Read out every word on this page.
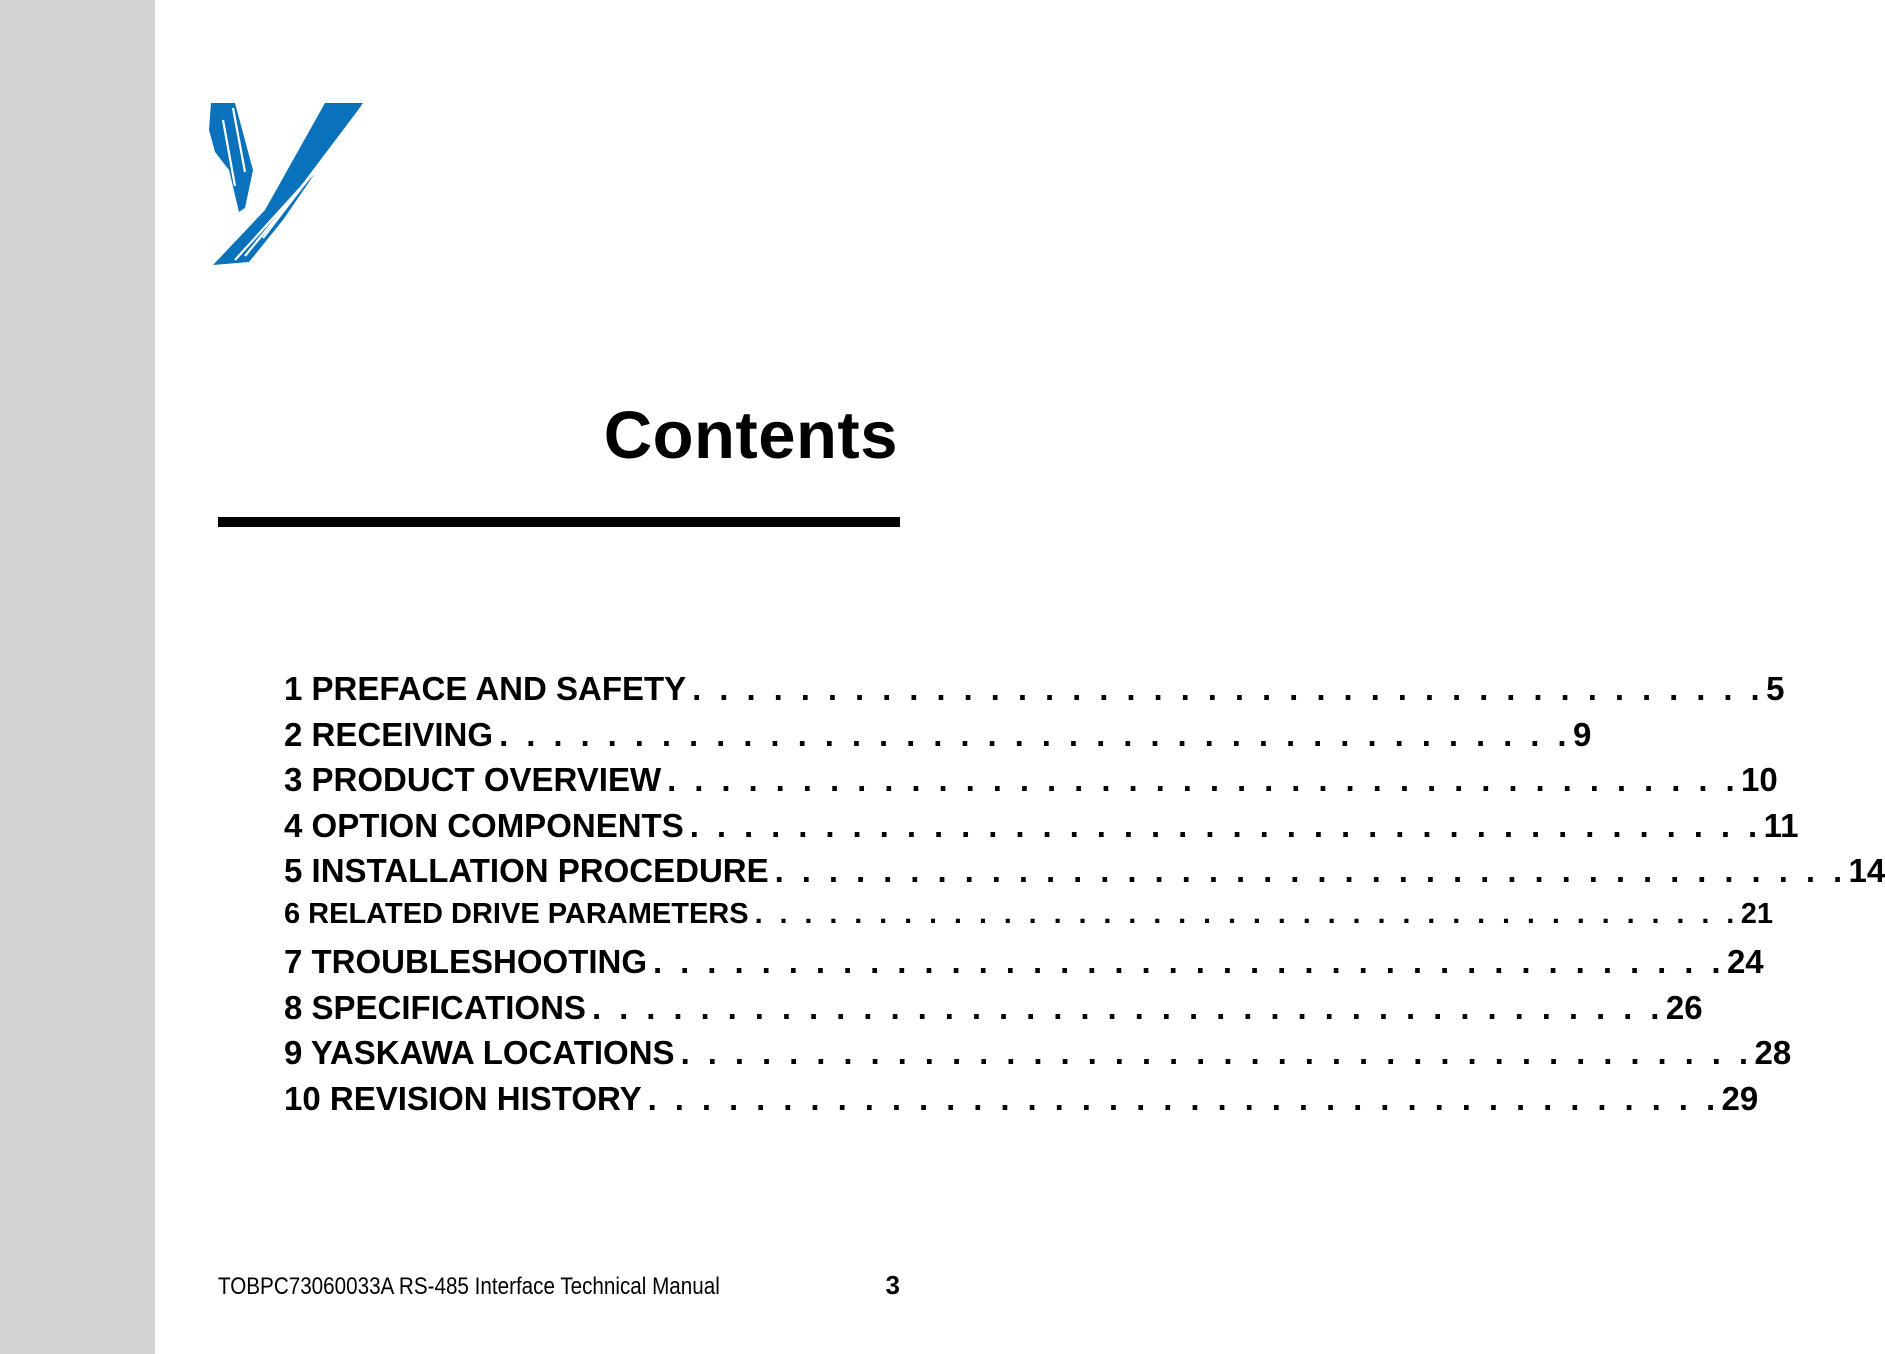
Contents
1 PREFACE AND SAFETY . . . . . . . . . . . . . . . . . . . . . . . . . . . . . . . . . . . . . . . . 5
2 RECEIVING . . . . . . . . . . . . . . . . . . . . . . . . . . . . . . . . . . . . . . . . 9
3 PRODUCT OVERVIEW . . . . . . . . . . . . . . . . . . . . . . . . . . . . . . . . . . . . . . . . 10
4 OPTION COMPONENTS . . . . . . . . . . . . . . . . . . . . . . . . . . . . . . . . . . . . . . . . 11
5 INSTALLATION PROCEDURE . . . . . . . . . . . . . . . . . . . . . . . . . . . . . . . . . . . . . . . . 14
6 RELATED DRIVE PARAMETERS . . . . . . . . . . . . . . . . . . . . . . . . . . . . . . . . . . . . . . . . 21
7 TROUBLESHOOTING . . . . . . . . . . . . . . . . . . . . . . . . . . . . . . . . . . . . . . . . 24
8 SPECIFICATIONS . . . . . . . . . . . . . . . . . . . . . . . . . . . . . . . . . . . . . . . . 26
9 YASKAWA LOCATIONS . . . . . . . . . . . . . . . . . . . . . . . . . . . . . . . . . . . . . . . . 28
10 REVISION HISTORY . . . . . . . . . . . . . . . . . . . . . . . . . . . . . . . . . . . . . . . . 29
TOBPC73060033A RS-485 Interface Technical Manual	3
